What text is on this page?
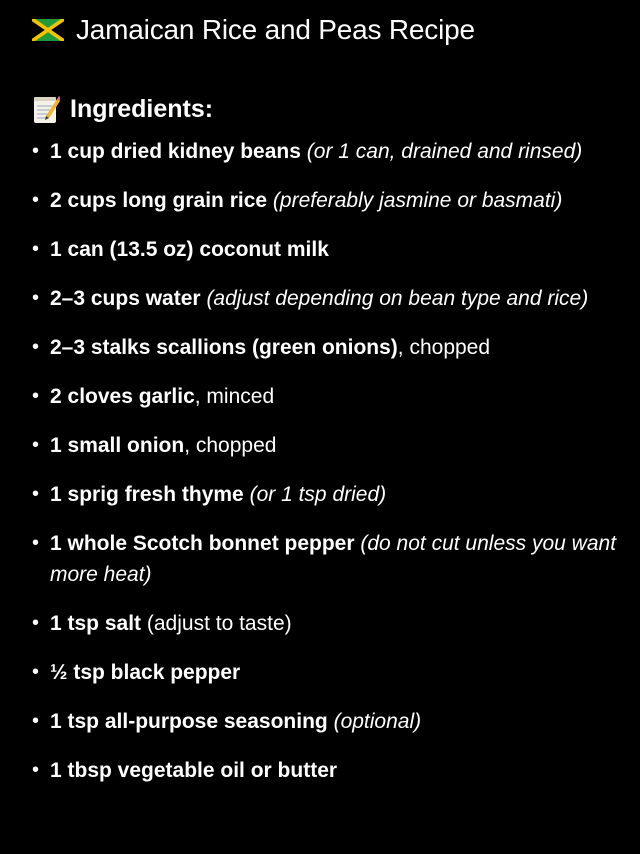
Jamaican Rice and Peas Recipe
Ingredients:
• 1 cup dried kidney beans (or 1 can, drained and rinsed)
• 2 cups long grain rice (preferably jasmine or basmati)
• 1 can (13.5 oz) coconut milk
• 2–3 cups water (adjust depending on bean type and rice)
• 2–3 stalks scallions (green onions), chopped
• 2 cloves garlic, minced
• 1 small onion, chopped
• 1 sprig fresh thyme (or 1 tsp dried)
• 1 whole Scotch bonnet pepper (do not cut unless you want more heat)
• 1 tsp salt (adjust to taste)
• ½ tsp black pepper
• 1 tsp all-purpose seasoning (optional)
• 1 tbsp vegetable oil or butter
